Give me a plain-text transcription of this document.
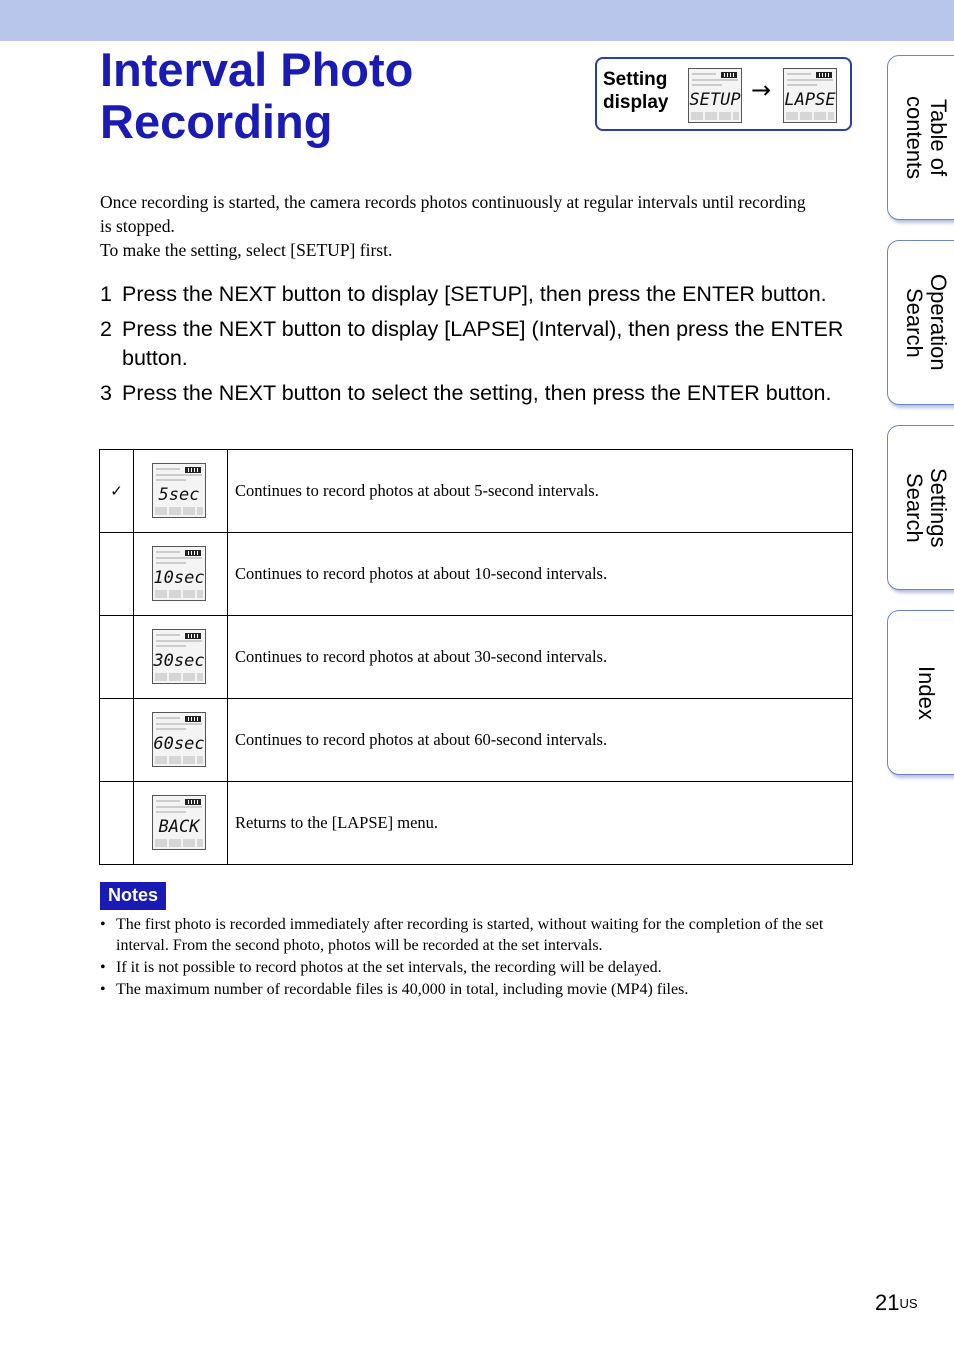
Interval Photo Recording
Setting
display SETUP → LAPSE

Once recording is started, the camera records photos continuously at regular intervals until recording is stopped.

To make the setting, select [SETUP] first.

1 Press the NEXT button to display [SETUP], then press the ENTER button.
2 Press the NEXT button to display [LAPSE] (Interval), then press the ENTER button.
3 Press the NEXT button to select the setting, then press the ENTER button.
✓	5sec	Continues to record photos at about 5-second intervals.

	10sec	Continues to record photos at about 10-second intervals.

	30sec	Continues to record photos at about 30-second intervals.

	60sec	Continues to record photos at about 60-second intervals.

	BACK	Returns to the [LAPSE] menu.
Notes
• The first photo is recorded immediately after recording is started, without waiting for the completion of the set interval. From the second photo, photos will be recorded at the set intervals.
• If it is not possible to record photos at the set intervals, the recording will be delayed.
• The maximum number of recordable files is 40,000 in total, including movie (MP4) files.
Table of
contents
Operation
Search
Settings
Search
Index
$21^{US}$
